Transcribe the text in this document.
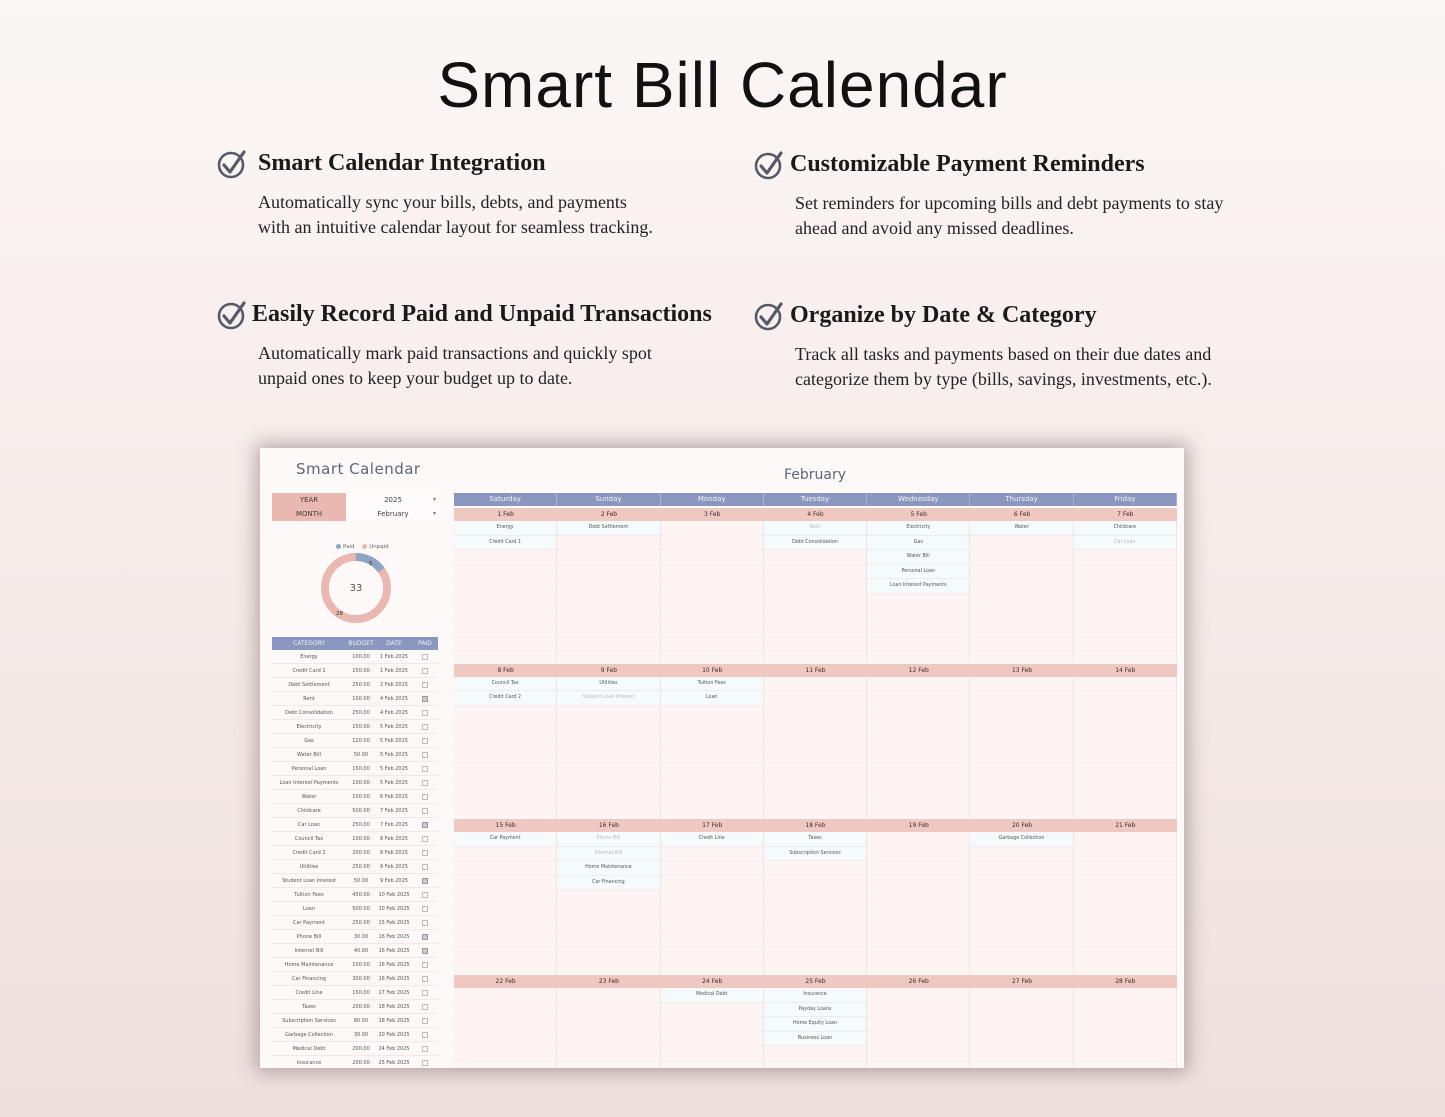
Smart Bill Calendar
Smart Calendar Integration

Automatically sync your bills, debts, and payments

with an intuitive calendar layout for seamless tracking.

Customizable Payment Reminders

Set reminders for upcoming bills and debt payments to stay

ahead and avoid any missed deadlines.

Easily Record Paid and Unpaid Transactions

Automatically mark paid transactions and quickly spot

unpaid ones to keep your budget up to date.

Organize by Date & Category

Track all tasks and payments based on their due dates and

categorize them by type (bills, savings, investments, etc.).

Smart Calendar	February
YEAR	2025	▾
MONTH	February	▾
Paid	Unpaid
33
5
28
CATEGORY	BUDGET	DATE	PAID
Energy	100.00	1 Feb 2025
Credit Card 1	150.00	1 Feb 2025
Debt Settlement	250.00	2 Feb 2025
Rent	100.00	4 Feb 2025
Debt Consolidation	250.00	4 Feb 2025
Electricity	150.00	5 Feb 2025
Gas	120.00	5 Feb 2025
Water Bill	50.00	5 Feb 2025
Personal Loan	150.00	5 Feb 2025
Loan Interest Payments	100.00	5 Feb 2025
Water	100.00	6 Feb 2025
Childcare	500.00	7 Feb 2025
Car Loan	250.00	7 Feb 2025
Council Tax	100.00	8 Feb 2025
Credit Card 2	200.00	8 Feb 2025
Utilities	250.00	9 Feb 2025
Student Loan Interest	50.00	9 Feb 2025
Tuition Fees	450.00	10 Feb 2025
Loan	500.00	10 Feb 2025
Car Payment	250.00	15 Feb 2025
Phone Bill	30.00	16 Feb 2025
Internet Bill	40.00	16 Feb 2025
Home Maintenance	100.00	16 Feb 2025
Car Financing	300.00	16 Feb 2025
Credit Line	150.00	17 Feb 2025
Taxes	200.00	18 Feb 2025
Subscription Services	80.00	18 Feb 2025
Garbage Collection	30.00	20 Feb 2025
Medical Debt	200.00	24 Feb 2025
Insurance	200.00	25 Feb 2025
Saturday	Sunday	Monday	Tuesday	Wednesday	Thursday	Friday
1 Feb	2 Feb	3 Feb	4 Feb	5 Feb	6 Feb	7 Feb
Energy
Credit Card 1
Debt Settlement	Rent
Debt Consolidation
Electricity
Gas
Water Bill
Personal Loan
Loan Interest Payments
Water	Childcare
Car Loan
8 Feb	9 Feb	10 Feb	11 Feb	12 Feb	13 Feb	14 Feb
Council Tax
Credit Card 2
Utilities
Student Loan Interest
Tuition Fees
Loan
15 Feb	16 Feb	17 Feb	18 Feb	19 Feb	20 Feb	21 Feb
Car Payment	Phone Bill
Internet Bill
Home Maintenance
Car Financing
Credit Line	Taxes
Subscription Services
Garbage Collection
22 Feb	23 Feb	24 Feb	25 Feb	26 Feb	27 Feb	28 Feb
Medical Debt	Insurance
Payday Loans
Home Equity Loan
Business Loan
